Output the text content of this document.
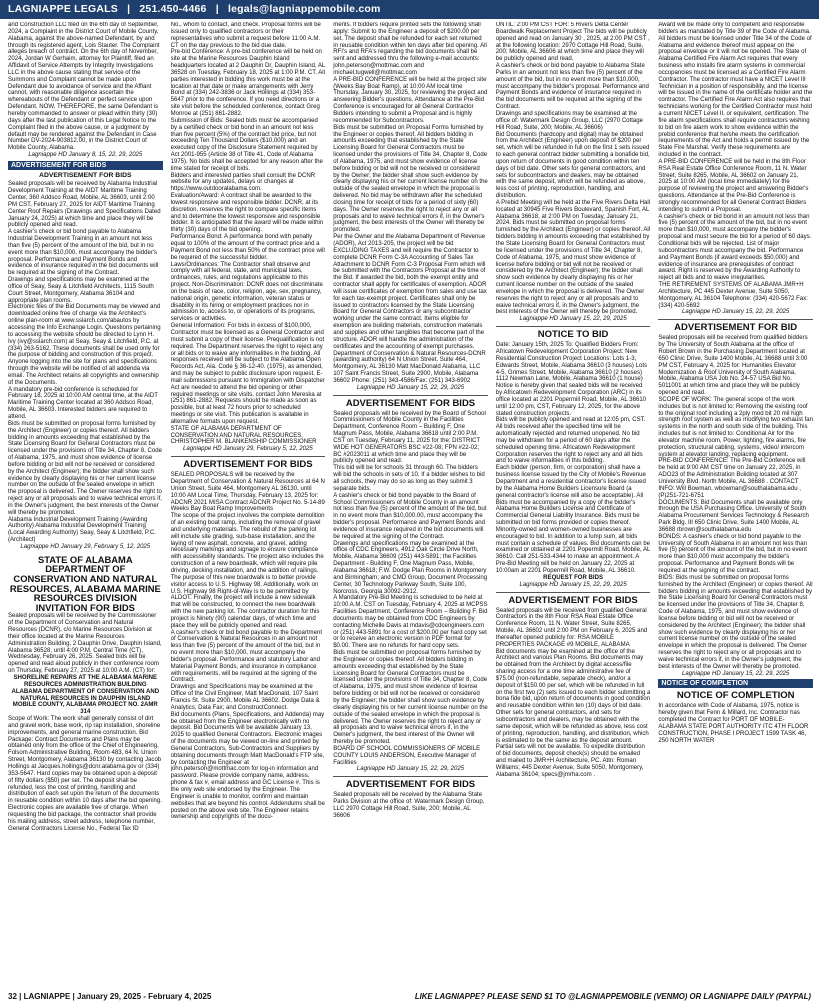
LAGNIAPPE LEGALS | 251.450-4466 | legals@lagniappemobile.com

and Construction LLC filed on the 6th day of September, 2024, a Complaint in the District Court of Mobile County, Alabama, against the above-named Defendant, by and through its registered agent, Lois Stauter. The Complaint alleges breach of contract. On the 6th day of November, 2024, Jordan W Gerhaim, attorney for Plaintiff, filed an Affidavit of Service Attempts by Integrity Investigations LLC in the above cause stating that service of the Summons and Complaint cannot be made upon Defendant due to avoidance of service and the Affiant cannot, with reasonable diligence ascertain the whereabouts of the Defendant or perfect service upon Defendant. NOW, THEREFORE, the same Defendant is hereby commanded to answer or plead within thirty (30) days after the last publication of this Legal Notice to the Complaint filed in the above cause, or a judgment by default may be rendered against the Defendant in Case Number DV-2024-903812.00, in the District Court of Mobile County, Alabama.

Lagniappe HD January 8, 15, 22, 29, 2025

ADVERTISEMENT FOR BIDS
ADVERTISEMENT FOR BIDS

Sealed proposals will be received by Alabama Industrial Development Training at the AIDT Maritime Training Center, 360 Addsco Road, Mobile, AL 36603, until 2:00 PM CST, February 27, 2025 for AIDT Maritime Training Center Roof Repairs (Drawings and Specifications Dated January 24, 2025) at which time and place they will be publicly opened and read.

A cashier's check or bid bond payable to Alabama Industrial Development Training in an amount not less than five (5) percent of the amount of the bid, but in no event more than $10,000, must accompany the bidder's proposal. Performance and Payment Bonds and evidence of insurance required in the bid documents will be required at the signing of the Contract.

Drawings and specifications may be examined at the office of Seay, Seay & Litchfield Architects, 1115 South Court Street, Montgomery, Alabama 36104 and appropriate plan rooms.

Electronic files of the Bid Documents may be viewed and downloaded online free of charge via the Architect's online plan-room at www.sslarch.com/abautos by accessing the Info Exchange Login. Questions pertaining to accessing the website should be directed to Lynn H. Ivy (ivy@sslarch.com) at Seay, Seay & Litchfield, P.C. at (334) 263-5162. These documents shall be used only for the purpose of bidding and construction of this project. Anyone logging into the site for plans and specifications through the website will be notified of all addenda via email. The Architect retains all copyrights and ownership of the Documents.

A mandatory pre-bid conference is scheduled for February 18, 2025 at 10:00 AM central time, at the AIDT Maritime Training Center located at 360 Addsco Road, Mobile, AL 36603. Interested bidders are required to attend.

Bids must be submitted on proposal forms furnished by the Architect (Engineer) or copies thereof. All bidders bidding in amounts exceeding that established by the State Licensing Board for General Contractors must be licensed under the provisions of Title 34, Chapter 8, Code of Alabama, 1975, and must show evidence of license before bidding or bid will not be received or considered by the Architect (Engineer); the bidder shall show such evidence by clearly displaying his or her current license number on the outside of the sealed envelope in which the proposal is delivered. The Owner reserves the right to reject any or all proposals and to waive technical errors if, in the Owner's judgment, the best interests of the Owner will thereby be promoted.

Alabama Industrial Development Training (Awarding Authority) Alabama Industrial Development Training (Local Awarding Authority) Seay, Seay & Litchfield, P.C. (Architect)

Lagniappe HD January 29, February 5, 12, 2025

STATE OF ALABAMA DEPARTMENT OF CONSERVATION AND NATURAL RESOURCES, ALABAMA MARINE RESOURCES DIVISION INVITATION FOR BIDS

Sealed proposals will be received by the Commissioner of the Department of Conservation and Natural Resources (DCNR), c/o Marine Resources Division at their office located at the Marine Resources Administration Building, 2 Dauphin Drive, Dauphin Island, Alabama 36528, until 4:00 P.M. Central Time (CT), Wednesday, February 26, 2025. Sealed bids will be opened and read aloud publicly in their conference room on Thursday, February 27, 2025 at 10:00 A.M. (CT) for:

SHORELINE REPAIRS AT THE ALABAMA MARINE RESOURCES ADMINISTRATION BUILDING

ALABAMA DEPARTMENT OF CONSERVATION AND NATURAL RESOURCES IN DAUPHIN ISLAND

MOBILE COUNTY, ALABAMA PROJECT NO. 2AMR 314

Scope of Work: The work shall generally consist of dirt and gravel work, base work, rip rap installation, shoreline improvements, and general marine construction. Bid Package: Contract Documents and Plans may be obtained only from the office of the Chief of Engineering, Folsom Administrative Building, Room 483, 64 N. Union Street, Montgomery, Alabama 36130 by contacting Jacob Hollings at Jacques.hollings@dcnr.alabama.gov or (334) 353-5647. Hard copies may be obtained upon a deposit of fifty dollars ($50) per set. The deposit shall be refunded, less the cost of printing, handling and distribution of each set upon the return of the documents in reusable condition within 10 days after the bid opening. Electronic copies are available free of charge. When requesting the bid package, the contractor shall provide his mailing address, street address, telephone number, General Contractors License No., Federal Tax ID

No., whom to contact, and check. Proposal forms will be issued only to qualified contractors or their representatives who submit a request before 11:00 A.M. CT on the day previous to the bid due date.

Pre-bid Conference: A pre-bid conference will be held on site at the Marine Resources Dauphin Island headquarters located at 2 Dauphin Dr, Dauphin Island, AL 36528 on Tuesday, February 18, 2025 at 1:00 P.M. CT. All parties interested in bidding this work must be at the location at that date or make arrangements with Jerry Bond at (334) 242-3836 or Jack Hollings at (334) 353-5647 prior to the conference. If you need directions or a site visit before the scheduled conference, contact Greg Monroe at (251) 861-2882.

Submission of Bids: Sealed bids must be accompanied by a certified check or bid bond in an amount not less than five percent (5%) of the contract bid price, but not exceeding Ten Thousand Dollars ($10,000) and an executed copy of the Disclosure Statement required by Act 2001-955 (Article 38 of Title 41, Code of Alabama 1975). No bids shall be accepted for any reason after the time stated for receipt of bids.

Bidders and interested parties shall consult the DCNR website for any updates, delays or changes at https://www.outdooralabama.com.

Evaluation/Award: A contract shall be awarded to the lowest responsive and responsible bidder. DCNR, at its discretion, reserves the right to compare specific items and to determine the lowest responsive and responsible bidder. It is anticipated that the award will be made within thirty (30) days of the bid opening.

Performance Bond: A performance bond with penalty equal to 100% of the amount of the contract price and a Payment Bond not less than 50% of the contract price will be required of the successful bidder.

Laws/Ordinances: The Contractor shall observe and comply with all federal, state, and municipal laws, ordinances, rules, and regulations applicable to this project. Non-Discrimination: DCNR does not discriminate on the basis of race, color, religion, age, sex, pregnancy, national origin, genetic information, veteran status or disability in its hiring or employment practices nor in admission to, access to, or operations of its programs, services or activities.

General Information: For bids in excess of $100,000, Contractor must be licensed as a General Contractor and must submit a copy of their license. Prequalification is not required. The Department reserves the right to reject any or all bids or to waive any informalities in the bidding. All responses received will be subject to the Alabama Open Records Act, Ala. Code § 36-12-40. (1975), as amended, and may be subject to public disclosure upon request. E-mail submissions pursuant to Immigration with Dispatcher Act are needed to attend the bid opening or other required meetings or site visits, contact John Mereska at (251) 861-2882. Requests should be made as soon as possible, but at least 72 hours prior to scheduled meetings or site visit. This publication is available in alternative formats upon request.

STATE OF ALABAMA DEPARTMENT OF CONSERVATION AND NATURAL RESOURCES, CHRISTOPHER M. BLANKENSHIP COMMISSIONER

Lagniappe HD January 29, February 5, 12, 2025

ADVERTISEMENT FOR BIDS

SEALED PROPOSALS will be received by the Department of Conservation & Natural Resources at 64 N Union Street, Suite 464, Montgomery AL 36130, until 10:00 AM Local Time, Thursday, February 13, 2025 for: ADCNR 2021 MISA Contract ADCNR Project No. 5-14-89 Weeks Bay Boat Ramp Improvements

The scope of the project involves the complete demolition of an existing boat ramp, including the removal of gravel and underlying materials. The rebuild of the parking lot will include site grading, sub-base installation, and the laying of new asphalt, concrete, and gravel, adding necessary markings and signage to ensure compliance with accessibility standards. The project also includes the construction of a new boardwalk, which will require pile driving, decking installation, and the addition of railings. The purpose of this new boardwalk is to better provide visitor access to U.S. Highway 98. Additionally, work on U.S. Highway 98 Right-of-Way is to be permitted by ALDOT. Finally, the project will include a new sidewalk that will be constructed, to connect the new boardwalk with the new parking lot. The contractor duration for this project is Ninety (90) calendar days, of which time and place they will be publicly opened and read.

A cashier's check or bid bond payable to the Department of Conservation & Natural Resources in an amount not less than five (5) percent of the amount of the bid, but in no event more than $10,000, must accompany the bidder's proposal. Performance and statutory Labor and Material Payment Bonds, and insurance in compliance with requirements, will be required at the signing of the Contract.

Drawings and Specifications may be examined at the Office of the Civil Engineer, Matt MacDonald, 107 Saint Francis St. Suite 2900, Mobile AL 36602. Dodge Data & Analytics; Data Fax; and ConstructConnect.

Bid documents (Plans, Specifications, and Addenda) may be obtained from the Engineer electronically with no deposit. Bid Documents will be available January 13, 2025 to qualified General Contractors. Electronic images of the documents may be viewed on-line and printed by General Contractors, Sub-Contractors and Suppliers by obtaining documents through Matt MacDonald's FTP site, by contacting the Engineer at john.peterson@mottmac.com for log-in information and password. Please provide company name, address, phone & fax #, email address and GC License #. This is the only web site endorsed by the Engineer. The Engineer is unable to monitor, confirm and maintain websites that are beyond his control. Addendums shall be posted on the above web site. The Engineer retains ownership and copyrights of the docu-

ments. If bidders require printed sets the following shall apply: Submit to the Engineer a deposit of $200.00 per set. The deposit shall be refunded for each set returned in reusable condition within ten days after bid opening. All RFI's and RFA's regarding the bid documents shall be sent and addressed thru the following e-mail accounts: john.peterson@mottmac.com and michael.tugwell@mottmac.com

A PRE-BID CONFERENCE will be held at the project site (Weeks Bay Boat Ramp), at 10:00 AM local time Thursday, January 30, 2025, for reviewing the project and answering Bidder's questions. Attendance at the Pre-Bid Conference is encouraged for all General Contractor Bidders intending to submit a Proposal and is highly recommended for Subcontractors.

Bids must be submitted on Proposal Forms furnished by the Engineer or copies thereof. All bidders bidding in amounts exceeding that established by the State Licensing Board for General Contractors must be licensed under the provisions of Title 34, Chapter 8, Code of Alabama, 1975, and must show evidence of license before bidding or bid will not be received or considered by the Owner; the bidder shall show such evidence by clearly displaying his or her current license number on the outside of the sealed envelope in which the proposal is delivered. No bid may be withdrawn after the scheduled closing time for receipt of bids for a period of sixty (60) days. The Owner reserves the right to reject any or all proposals and to waive technical errors if, in the Owner's judgment, the best interests of the Owner will thereby be promoted.

Per the Owner and the Alabama Department of Revenue (ADOR), Act 2013-205, the project will be bid EXCLUDING TAXES and will require the Contractor to complete DCNR Form C-3A Accounting of Sales Tax Attachment to DCNR Form C-3 Proposal Form which will be submitted with the Contractors Proposal at the time of the Bid. If awarded the bid, both the exempt entity and contractor shall apply for certificates of exemption. ADOR will issue certificates of exemption from sales and use tax for each tax-exempt project. Certificates shall only be issued to contractors licensed by the State Licensing Board for General Contractors or any subcontractor working under the same contract. Items eligible for exemption are building materials, construction materials and supplies and other tangibles that become part of the structure. ADOR will handle the administration of the certificates and the accounting of exempt purchases.

Department of Conservation & Natural Resources-DCNR (awarding authority) 64 N Union Street, Suite 464, Montgomery, AL 36130 Matt MacDonald Alabama, LLC 107 Saint Francis Street, Suite 2900, Mobile, Alabama 36602 Phone: (251) 343-4586/Fax: (251) 343-6902

Lagniappe HD January 15, 22, 29, 2025

ADVERTISEMENT FOR BIDS

Sealed proposals will be received by the Board of School Commissioners of Mobile County in the Facilities Department, Conference Room – Building F, One Magnum Pass, Mobile, Alabama 36618 until 2:00 P.M. CST on Tuesday, February 11, 2025 for the: DISTRICT WIDE HOT GENERATORS BSC #22-08; FPN #22-02; BC #2023011 at which time and place they will be publicly opened and read.

This bid will be for schools 31 through 60. The bidders will bid the schools in sets of 10. If a bidder wishes to bid all schools, they may do so as long as they submit 3 separate bids.

A cashier's check or bid bond payable to the Board of School Commissioners of Mobile County in an amount not less than five (5) percent of the amount of the bid, but in no event more than $10,000.00, must accompany the bidder's proposal. Performance and Payment Bonds and evidence of insurance required in the bid documents will be required at the signing of the Contract.

Drawings and specifications may be examined at the office of CDC Engineers, 4912 Oak Circle Drive North, Mobile, Alabama 36609 (251) 443-5891; the Facilities Department - Building F, One Magnum Pass, Mobile, Alabama 36618; F.W. Dodge Plan Rooms in Montgomery and Birmingham; and CMD Group, Document Processing Center, 30 Technology Parkway South, Suite 100, Norcross, Georgia 30092-2912.

A Mandatory Pre-Bid Meeting is scheduled to be held at 10:00 A.M. CST on Tuesday, February 4, 2025 at MCPSS Facilities Department, Conference Room – Building F. Bid documents may be obtained from CDC Engineers by contacting Michelle Davis at mdavis@cdcengineers.com or (251) 443-5891 for a cost of $200.00 per hard copy set or to receive an electronic version in PDF format for $0.00. There are no refunds for hard copy sets.

Bids must be submitted on proposal forms furnished by the Engineer or copies thereof. All bidders bidding in amounts exceeding that established by the State Licensing Board for General Contractors must be licensed under the provisions of Title 34, Chapter 8, Code of Alabama, 1975, and must show evidence of license before bidding or bid will not be received or considered by the Engineer; the bidder shall show such evidence by clearly displaying his or her current license number on the outside of the sealed envelope in which the proposal is delivered. The Owner reserves the right to reject any or all proposals and to waive technical errors if, in the Owner's judgment, the best interest of the Owner will thereby be promoted.

BOARD OF SCHOOL COMMISSIONERS OF MOBILE COUNTY LOUIS ANDERSON, Executive Manager of Facilities

Lagniappe HD January 15, 22, 29, 2025

ADVERTISEMENT FOR BIDS

Sealed proposals will be received by the Alabama State Parks Division at the office of: Watermark Design Group, LLC 2970 Cottage Hill Road, Suite, 200; Mobile, AL 36606

UNTIL: 2:00 PM CST FOR: 5 Rivers Delta Center Boardwalk Replacement Project The bids will be publicly opened and read on January 30 , 2025, at 2:00 PM CST , at the following location: 2970 Cottage Hill Road, Suite, 200; Mobile, AL 36606 at which time and place they will be publicly opened and read.

A cashier's check or bid bond payable to Alabama State Parks in an amount not less than five (5) percent of the amount of the bid, but in no event more than $10,000, must accompany the bidder's proposal. Performance and Payment Bonds and evidence of insurance required in the bid documents will be required at the signing of the Contract.

Drawings and specifications may be examined at the office of: Watermark Design Group, LLC (2970 Cottage Hill Road, Suite, 200; Mobile, AL 36606)

Bid Documents (hardcopy and digital) may be obtained from the Architect (Engineer) upon deposit of $200 per set, which will be refunded in full on the first 1 sets issued to each general contract bidder submitting a bonafide bid, upon return of documents in good condition within ten days of bid date. Other sets for general contractors, and sets for subcontractors and dealers, may be obtained with the same deposit, which will be refunded as above, less cost of printing, reproduction, handling, and distribution.

A Prebid Meeting will be held at the Five Rivers Delta Hall located at 30945 Five Rivers Boulevard, Spanish Fort, AL Alabama 36618, at 2:00 PM on Tuesday, January 21, 2024. Bids must be submitted on proposal forms furnished by the Architect (Engineer) or copies thereof. All bidders bidding in amounts exceeding that established by the State Licensing Board for General Contractors must be licensed under the provisions of Title 34, Chapter 8, Code of Alabama, 1975, and must show evidence of license before bidding or bid will not be received or considered by the Architect (Engineer); the bidder shall show such evidence by clearly displaying his or her current license number on the outside of the sealed envelope in which the proposal is delivered. The Owner reserves the right to reject any or all proposals and to waive technical errors if, in the Owner's judgment, the best interests of the Owner will thereby be promoted.

Lagniappe HD January 15, 22, 29, 2025

NOTICE TO BID

Date: January 15th, 2025 To: Qualified Bidders From: Africatown Redevelopment Corporation Project: New Residential Construction Project Locations: Lots 1-3, Edwards Street, Mobile, Alabama 36610 (3 houses) Lots 4-5, Grimes Street, Mobile, Alabama 36610 (2 houses) 1112 Newman Lane, Mobile, Alabama 36610 (1 house)

Notice is hereby given that sealed bids will be received by Africatown Redevelopment Corporation (ARC) in its office located at 2201 Popermill Road, Mobile, AL 36610 until 12:00 pm, CST, February 12, 2025, for the above stated construction projects.

Bids will be publicly opened and read at 12:05 pm, CST. All bids received after the specified time will be automatically rejected and returned unopened. No bid may be withdrawn for a period of 60 days after the scheduled opening time. Africatown Redevelopment Corporation reserves the right to reject any and all bids and to waive informalities in this bidding.

Each bidder (person, firm, or corporation) shall have a business license issued by the City of Mobile's Revenue Department and a residential contractor's license issued by the Alabama Home Builders Licensure Board (a general contractor's license will also be acceptable). All Bids must be accompanied by a copy of the bidder's Alabama Home Builders License and Certificate of Commercial General Liability Insurance. Bids must be submitted on bid forms provided or copies thereof.

Minority-owned and women-owned businesses are encouraged to bid. In addition to a lump sum, all bids must contain a schedule of values. Bid documents can be examined or obtained at 2201 Popermill Road, Mobile, AL 36610. Call 251-533-4344 to make an appointment. A Pre-Bid Meeting will be held on January 22, 2025 at 10:00am at 2201 Popermill Road, Mobile, AL 36610.

REQUEST FOR BIDS

Lagniappe HD January 15, 22, 29, 2025

ADVERTISEMENT FOR BIDS

Sealed proposals will be received from qualified General Contractors in the 8th Floor RSA Real Estate Office Conference Room, 11 N. Water Street, Suite 8265, Mobile, AL 36602 until 2:00 PM on February 6, 2025 and thereafter opened publicly for: RSA MOBILE PROPERTIES PACKAGE #9 MOBILE, ALABAMA

Bid documents may be examined at the office of the Architect and various Plan Rooms. Bid documents may be obtained from the Architect by digital access/file sharing access for a one time administrative fee of $75.00 (non-refundable, separate check), and/or a deposit of $150.00 per set, which will be refunded in full on the first two (2) sets issued to each bidder submitting a bona fide bid, upon return of documents in good condition and reusable condition within ten (10) days of bid date. Other sets for general contractors, and sets for subcontractors and dealers, may be obtained with the same deposit, which will be refunded as above, less cost of printing, reproduction, handling, and distribution, which is estimated to be the same as the deposit amount. Partial sets will not be available. To expedite distribution of bid documents, deposit check(s) should be emailed and mailed to JMR+H Architecture, PC. Attn: Roman Williams; 445 Dexter Avenue, Suite 5050, Montgomery, Alabama 36104; specs@jmrha.com .

Award will be made only to competent and responsible bidders as mandated by Title 39 of the Code of Alabama. All bidders must be licensed under Title 34 of the Code of Alabama and evidence thereof must appear on the proposal envelope or it will not be opened. The State of Alabama Certified Fire Alarm Act requires that every business who installs fire alarm systems in commercial occupancies must be licensed as a Certified Fire Alarm Contractor. The contractor must have a NICET Level III Technician in a position of responsibility, and the license will be issued in the name of the certificate holder and the contractor. The Certified Fire Alarm Act also requires that technicians working for the Certified Contractor must hold a current NICET Level II, or equivalent, certification. The fire alarm specifications shall require contractors wishing to bid on fire alarm work to show evidence within the prebid conference that he/she meets the certification requirements of the Act and holds a permit issued by the State Fire Marshal. Verify these requirements are included in the contract.

A PRE-BID CONFERENCE will be held in the 8th Floor RSA Real Estate Office Conference Room, 11 N. Water Street, Suite 8265, Mobile, AL 36602 on January 21, 2025 at 10:00 AM (local time immediately) for the purpose of reviewing the project and answering Bidder's questions. Attendance at the Pre-Bid Conference is strongly recommended for all General Contract Bidders intending to submit a Proposal.

A cashier's check or bid bond in an amount not less than five (5) percent of the amount of the bid, but in no event more than $10,000, must accompany the bidder's proposal and must secure the bid for a period of 60 days. Conditional bids will be rejected. List of major subcontractors must accompany the bid. Performance and Payment Bonds (if award exceeds $50,000) and evidence of insurance are prerequisites of contract award. Right is reserved by the Awarding Authority to reject all bids and to waive irregularities.

THE RETIREMENT SYSTEMS OF ALABAMA JMR+H Architecture, PC 445 Dexter Avenue, Suite 5050, Montgomery, AL 36104 Telephone: (334) 420-5672 Fax: (334) 420-5692

Lagniappe HD January 15, 22, 29, 2025

ADVERTISEMENT FOR BID

Sealed proposals will be received from qualified bidders by The University of South Alabama at the office of Robert Brown in the Purchasing Department located at 650 Clinic Drive, Suite 1400 Mobile, AL 36688 until 3:00 PM CST, February 4, 2025 for: Humanities Elevator Modernization & Roof University of South Alabama, Mobile, Alabama USA Job No. 24-57 USA Bid No. 5011001 at which time and place they will be publicly opened and read.

SCOPE OF WORK: The general scope of the work includes but is not limited to: Removing the existing roof to the original roof including a 2ply mod bit 20 mil high strength roof system as well as modifying two exhaust fan systems in the north and south side of the building. This includes but is not limited to: Conditional Air for the elevator machine room, Power, lighting, fire alarms, fire protection, structural cabling, systems, video/ intercom system at elevator landing, replacing equipment.

PRE-BID CONFERENCE: The Pre-Bid Conference will be held at 9:00 AM CST time on January 22, 2025, in ADO23 of the Administration Building located at 307 University Blvd. North Mobile, AL 36688 . CONTACT INFO: Will Bowman, wbowman@southalabama.edu , (P)251-721-6751

DOCUMENTS: Bid Documents shall be available only through the USA Purchasing Office. University of South Alabama Procurement Services Technology & Research Park Bldg. III 650 Clinic Drive, Suite 1400 Mobile, AL 36688 rbrown@southalabama.edu

BONDS: A cashier's check or bid bond payable to the University of South Alabama in an amount not less than five (5) percent of the amount of the bid, but in no event more than $10,000 must accompany the bidder's proposal. Performance and Payment Bonds will be required at the signing of the contract.

BIDS: Bids must be submitted on proposal forms furnished by the Architect (Engineer) or copies thereof. All bidders bidding in amounts exceeding that established by the State Licensing Board for General Contractors must be licensed under the provisions of Title 34, Chapter 8, Code of Alabama, 1975, and must show evidence of license before bidding or bid will not be received or considered by the Architect (Engineer); the bidder shall show such evidence by clearly displaying his or her current license number on the outside of the sealed envelope in which the proposal is delivered. The Owner reserves the right to reject any or all proposals and to waive technical errors if, in the Owner's judgment, the best interests of the Owner will thereby be promoted.

Lagniappe HD January 15, 22, 29, 2025

NOTICE OF COMPLETION
NOTICE OF COMPLETION

In accordance with Code of Alabama, 1975, notice is hereby given that Fenn & Millard, Inc. Contractor has completed the Contract for PORT OF MOBILE- ALABAMA STATE PORT AUTHORITY ITC 4TH FLOOR CONSTRUCTION, PHASE I PROJECT 1599 TASK 46, 250 NORTH WATER

32 | LAGNIAPPE | January 29, 2025 - February 4, 2025	LIKE LAGNIAPPE? PLEASE SEND $1 TO @LAGNIAPPEMOBILE (VENMO) OR LAGNIAPPE DAILY (PAYPAL)
